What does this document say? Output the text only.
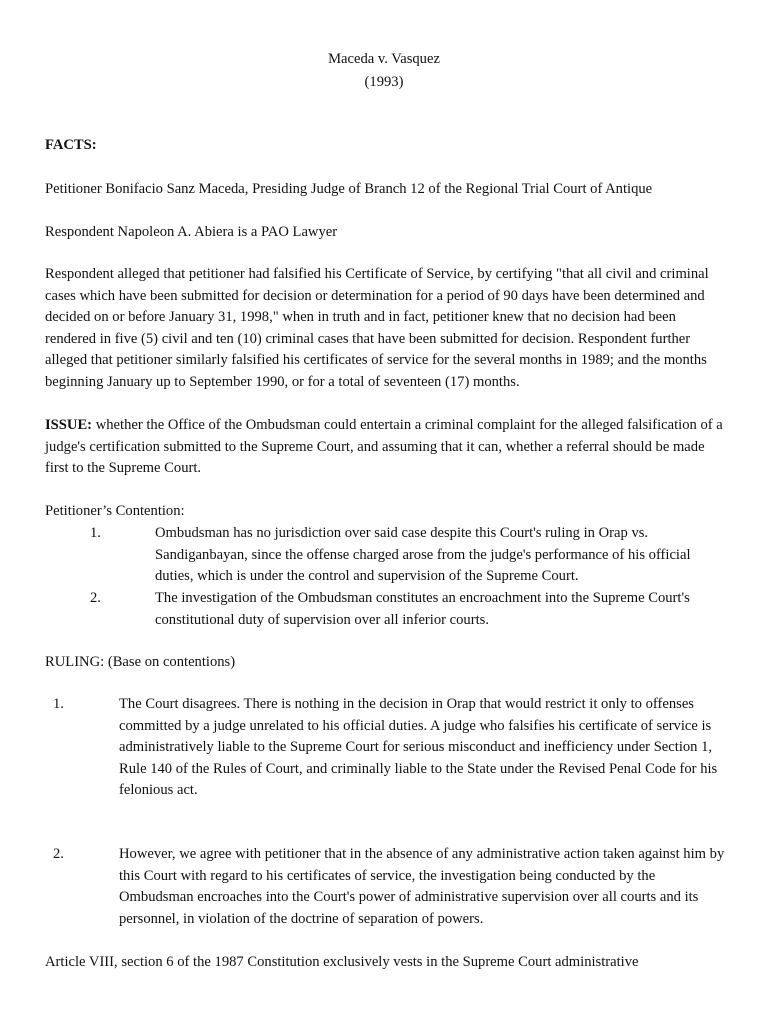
Maceda v. Vasquez
(1993)
FACTS:
Petitioner Bonifacio Sanz Maceda, Presiding Judge of Branch 12 of the Regional Trial Court of Antique
Respondent Napoleon A. Abiera is a PAO Lawyer
Respondent alleged that petitioner had falsified his Certificate of Service, by certifying "that all civil and criminal cases which have been submitted for decision or determination for a period of 90 days have been determined and decided on or before January 31, 1998," when in truth and in fact, petitioner knew that no decision had been rendered in five (5) civil and ten (10) criminal cases that have been submitted for decision. Respondent further alleged that petitioner similarly falsified his certificates of service for the several months in 1989; and the months beginning January up to September 1990, or for a total of seventeen (17) months.
ISSUE: whether the Office of the Ombudsman could entertain a criminal complaint for the alleged falsification of a judge's certification submitted to the Supreme Court, and assuming that it can, whether a referral should be made first to the Supreme Court.
Petitioner’s Contention:
1.	Ombudsman has no jurisdiction over said case despite this Court's ruling in Orap vs. Sandiganbayan, since the offense charged arose from the judge's performance of his official duties, which is under the control and supervision of the Supreme Court.
2.	The investigation of the Ombudsman constitutes an encroachment into the Supreme Court's constitutional duty of supervision over all inferior courts.
RULING: (Base on contentions)
1.	The Court disagrees. There is nothing in the decision in Orap that would restrict it only to offenses committed by a judge unrelated to his official duties. A judge who falsifies his certificate of service is administratively liable to the Supreme Court for serious misconduct and inefficiency under Section 1, Rule 140 of the Rules of Court, and criminally liable to the State under the Revised Penal Code for his felonious act.
2.	However, we agree with petitioner that in the absence of any administrative action taken against him by this Court with regard to his certificates of service, the investigation being conducted by the Ombudsman encroaches into the Court's power of administrative supervision over all courts and its personnel, in violation of the doctrine of separation of powers.
Article VIII, section 6 of the 1987 Constitution exclusively vests in the Supreme Court administrative
